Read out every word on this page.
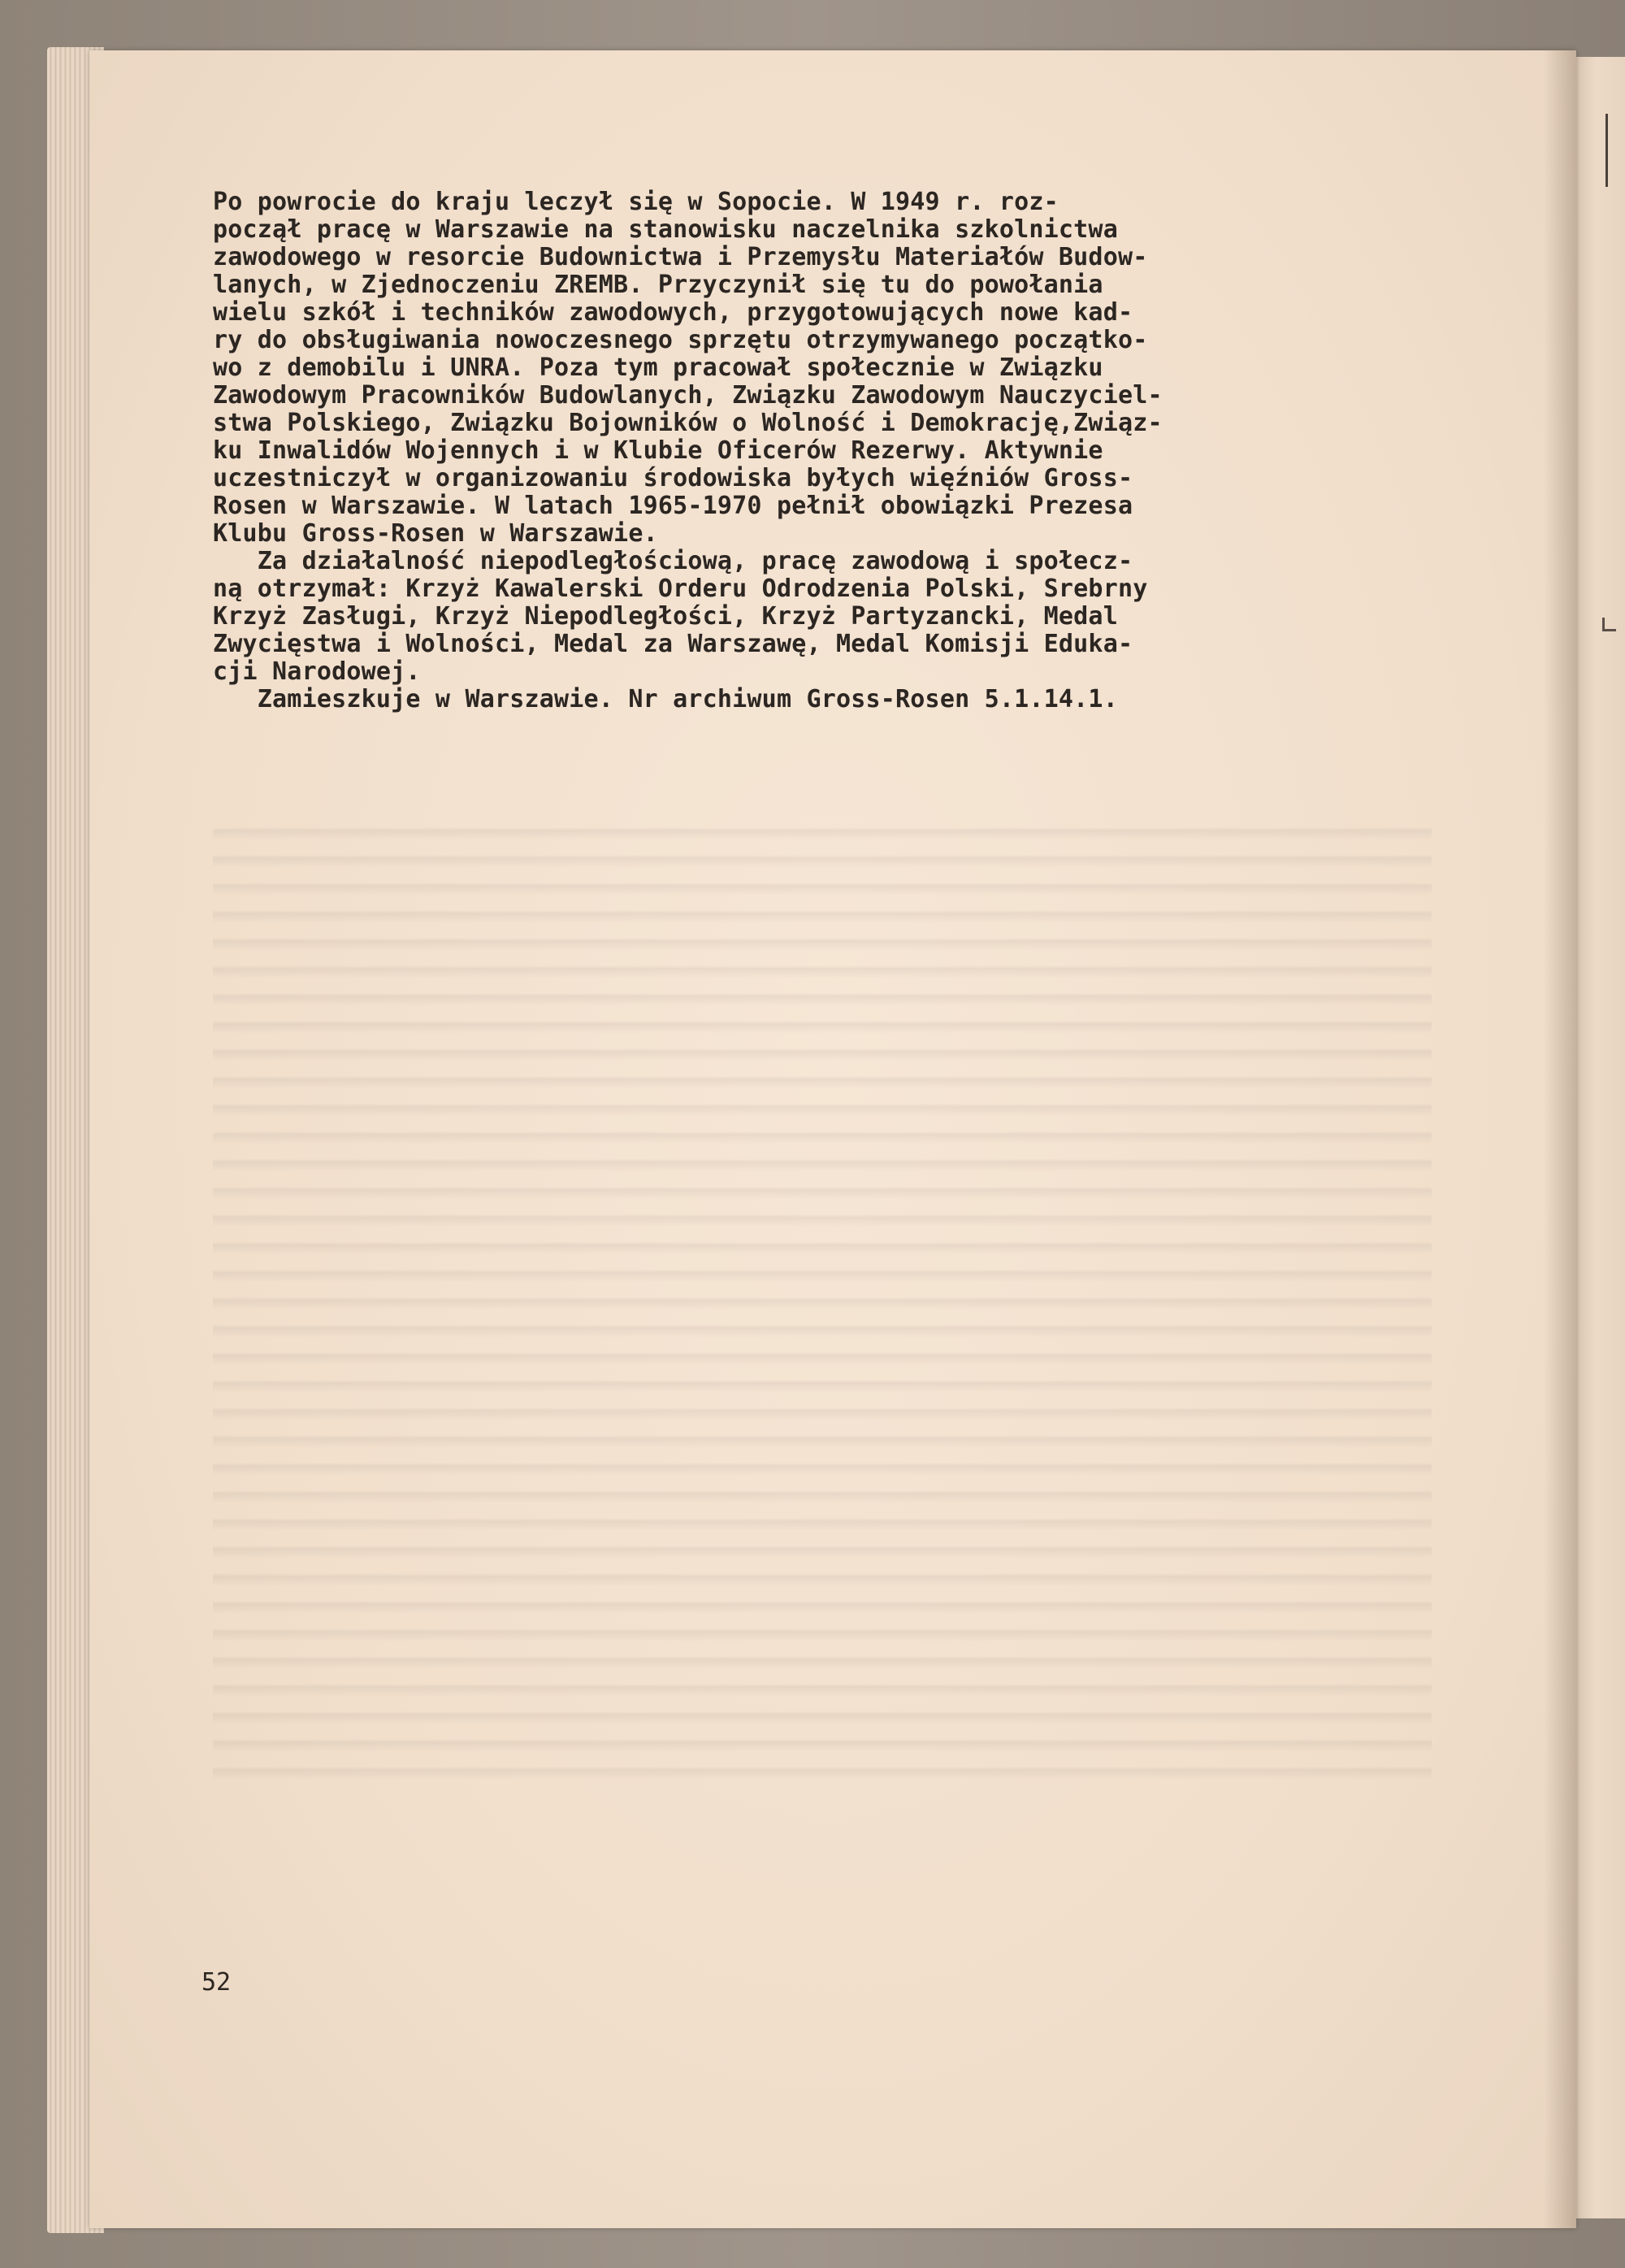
Po powrocie do kraju leczył się w Sopocie. W 1949 r. roz-
począł pracę w Warszawie na stanowisku naczelnika szkolnictwa
zawodowego w resorcie Budownictwa i Przemysłu Materiałów Budow-
lanych, w Zjednoczeniu ZREMB. Przyczynił się tu do powołania
wielu szkół i techników zawodowych, przygotowujących nowe kad-
ry do obsługiwania nowoczesnego sprzętu otrzymywanego początko-
wo z demobilu i UNRA. Poza tym pracował społecznie w Związku
Zawodowym Pracowników Budowlanych, Związku Zawodowym Nauczyciel-
stwa Polskiego, Związku Bojowników o Wolność i Demokrację,Związ-
ku Inwalidów Wojennych i w Klubie Oficerów Rezerwy. Aktywnie
uczestniczył w organizowaniu środowiska byłych więźniów Gross-
Rosen w Warszawie. W latach 1965-1970 pełnił obowiązki Prezesa
Klubu Gross-Rosen w Warszawie.
Za działalność niepodległościową, pracę zawodową i społecz-
ną otrzymał: Krzyż Kawalerski Orderu Odrodzenia Polski, Srebrny
Krzyż Zasługi, Krzyż Niepodległości, Krzyż Partyzancki, Medal
Zwycięstwa i Wolności, Medal za Warszawę, Medal Komisji Eduka-
cji Narodowej.
Zamieszkuje w Warszawie. Nr archiwum Gross-Rosen 5.1.14.1.
52
